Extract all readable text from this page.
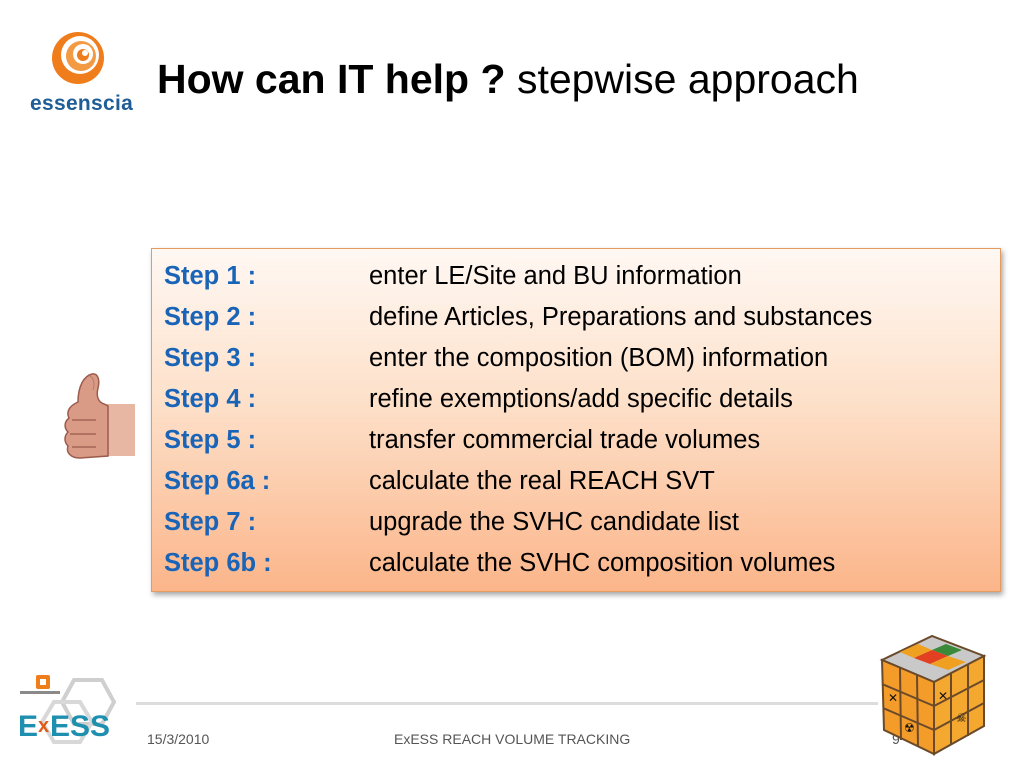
essenscia
How can IT help ? stepwise approach
Step 1 :	enter LE/Site and BU information
Step 2 :	define Articles, Preparations and substances
Step 3 :	enter the composition (BOM) information
Step 4 :	refine exemptions/add specific details
Step 5 :	transfer commercial trade volumes
Step 6a :	calculate the real REACH SVT
Step 7 :	upgrade the SVHC candidate list
Step 6b :	calculate the SVHC composition volumes
E x ESS	15/3/2010	ExESS REACH VOLUME TRACKING	9
✕
☠
✕
☢
